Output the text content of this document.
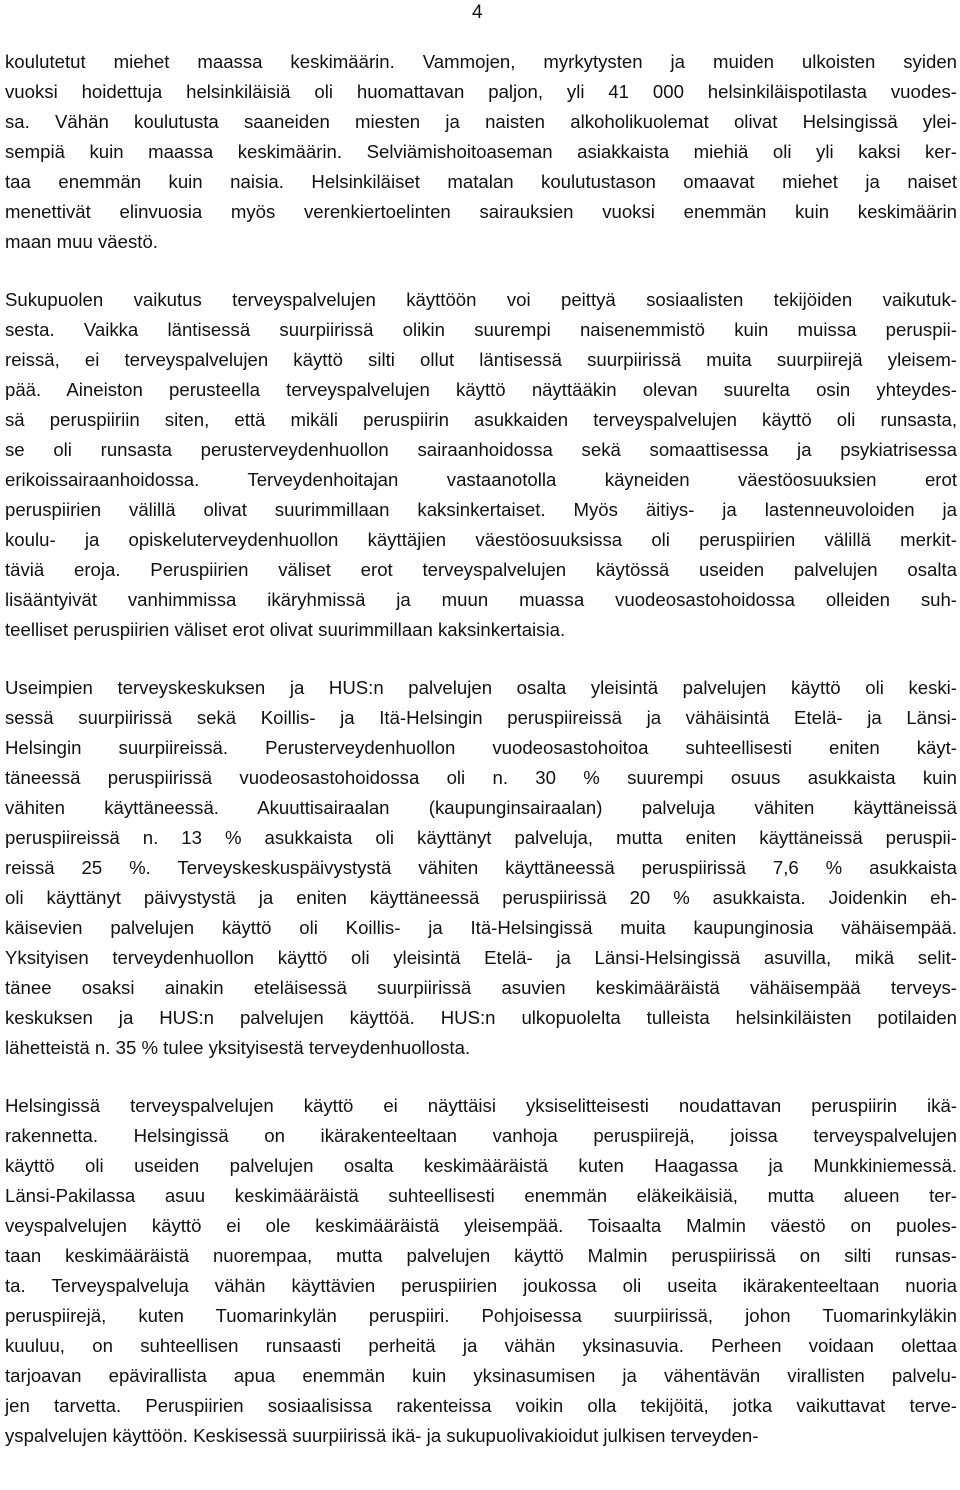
4
koulutetut miehet maassa keskimäärin. Vammojen, myrkytysten ja muiden ulkoisten syiden
vuoksi hoidettuja helsinkiläisiä oli huomattavan paljon, yli 41 000 helsinkiläispotilasta vuodes-
sa. Vähän koulutusta saaneiden miesten ja naisten alkoholikuolemat olivat Helsingissä ylei-
sempiä kuin maassa keskimäärin. Selviämishoitoaseman asiakkaista miehiä oli yli kaksi ker-
taa enemmän kuin naisia. Helsinkiläiset matalan koulutustason omaavat miehet ja naiset
menettivät elinvuosia myös verenkiertoelinten sairauksien vuoksi enemmän kuin keskimäärin
maan muu väestö.
Sukupuolen vaikutus terveyspalvelujen käyttöön voi peittyä sosiaalisten tekijöiden vaikutuk-
sesta. Vaikka läntisessä suurpiirissä olikin suurempi naisenemmistö kuin muissa peruspii-
reissä, ei terveyspalvelujen käyttö silti ollut läntisessä suurpiirissä muita suurpiirejä yleisem-
pää. Aineiston perusteella terveyspalvelujen käyttö näyttääkin olevan suurelta osin yhteydes-
sä peruspiiriin siten, että mikäli peruspiirin asukkaiden terveyspalvelujen käyttö oli runsasta,
se oli runsasta perusterveydenhuollon sairaanhoidossa sekä somaattisessa ja psykiatrisessa
erikoissairaanhoidossa. Terveydenhoitajan vastaanotolla käyneiden väestöosuuksien erot
peruspiirien välillä olivat suurimmillaan kaksinkertaiset. Myös äitiys- ja lastenneuvoloiden ja
koulu- ja opiskeluterveydenhuollon käyttäjien väestöosuuksissa oli peruspiirien välillä merkit-
täviä eroja. Peruspiirien väliset erot terveyspalvelujen käytössä useiden palvelujen osalta
lisääntyivät vanhimmissa ikäryhmissä ja muun muassa vuodeosastohoidossa olleiden suh-
teelliset peruspiirien väliset erot olivat suurimmillaan kaksinkertaisia.
Useimpien terveyskeskuksen ja HUS:n palvelujen osalta yleisintä palvelujen käyttö oli keski-
sessä suurpiirissä sekä Koillis- ja Itä-Helsingin peruspiireissä ja vähäisintä Etelä- ja Länsi-
Helsingin suurpiireissä. Perusterveydenhuollon vuodeosastohoitoa suhteellisesti eniten käyt-
täneessä peruspiirissä vuodeosastohoidossa oli n. 30 % suurempi osuus asukkaista kuin
vähiten käyttäneessä. Akuuttisairaalan (kaupunginsairaalan) palveluja vähiten käyttäneissä
peruspiireissä n. 13 % asukkaista oli käyttänyt palveluja, mutta eniten käyttäneissä peruspii-
reissä 25 %. Terveyskeskuspäivystystä vähiten käyttäneessä peruspiirissä 7,6 % asukkaista
oli käyttänyt päivystystä ja eniten käyttäneessä peruspiirissä 20 % asukkaista. Joidenkin eh-
käisevien palvelujen käyttö oli Koillis- ja Itä-Helsingissä muita kaupunginosia vähäisempää.
Yksityisen terveydenhuollon käyttö oli yleisintä Etelä- ja Länsi-Helsingissä asuvilla, mikä selit-
tänee osaksi ainakin eteläisessä suurpiirissä asuvien keskimääräistä vähäisempää terveys-
keskuksen ja HUS:n palvelujen käyttöä. HUS:n ulkopuolelta tulleista helsinkiläisten potilaiden
lähetteistä n. 35 % tulee yksityisestä terveydenhuollosta.
Helsingissä terveyspalvelujen käyttö ei näyttäisi yksiselitteisesti noudattavan peruspiirin ikä-
rakennetta. Helsingissä on ikärakenteeltaan vanhoja peruspiirejä, joissa terveyspalvelujen
käyttö oli useiden palvelujen osalta keskimääräistä kuten Haagassa ja Munkkiniemessä.
Länsi-Pakilassa asuu keskimääräistä suhteellisesti enemmän eläkeikäisiä, mutta alueen ter-
veyspalvelujen käyttö ei ole keskimääräistä yleisempää. Toisaalta Malmin väestö on puoles-
taan keskimääräistä nuorempaa, mutta palvelujen käyttö Malmin peruspiirissä on silti runsas-
ta. Terveyspalveluja vähän käyttävien peruspiirien joukossa oli useita ikärakenteeltaan nuoria
peruspiirejä, kuten Tuomarinkylän peruspiiri. Pohjoisessa suurpiirissä, johon Tuomarinkyläkin
kuuluu, on suhteellisen runsaasti perheitä ja vähän yksinasuvia. Perheen voidaan olettaa
tarjoavan epävirallista apua enemmän kuin yksinasumisen ja vähentävän virallisten palvelu-
jen tarvetta. Peruspiirien sosiaalisissa rakenteissa voikin olla tekijöitä, jotka vaikuttavat terve-
yspalvelujen käyttöön. Keskisessä suurpiirissä ikä- ja sukupuolivakioidut julkisen terveyden-
